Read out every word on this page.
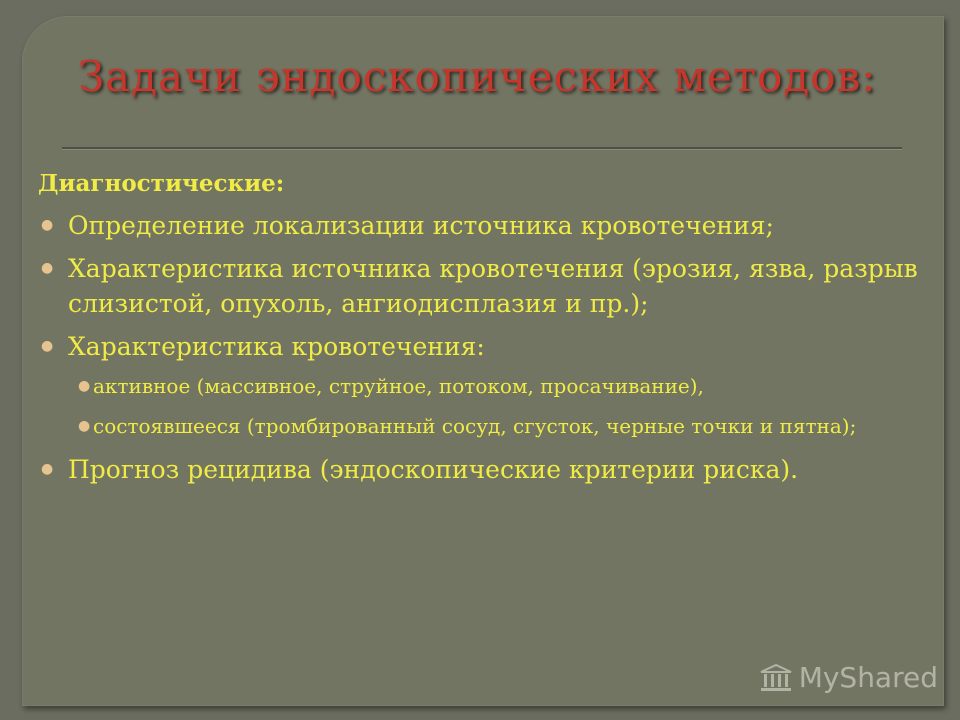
Задачи эндоскопических методов:
Диагностические:
● Определение локализации источника кровотечения;
● Характеристика источника кровотечения (эрозия, язва, разрыв слизистой, опухоль, ангиодисплазия и пр.);
● Характеристика кровотечения:
● активное (массивное, струйное, потоком, просачивание),
● состоявшееся (тромбированный сосуд, сгусток, черные точки и пятна);
● Прогноз рецидива (эндоскопические критерии риска).
MyShared
